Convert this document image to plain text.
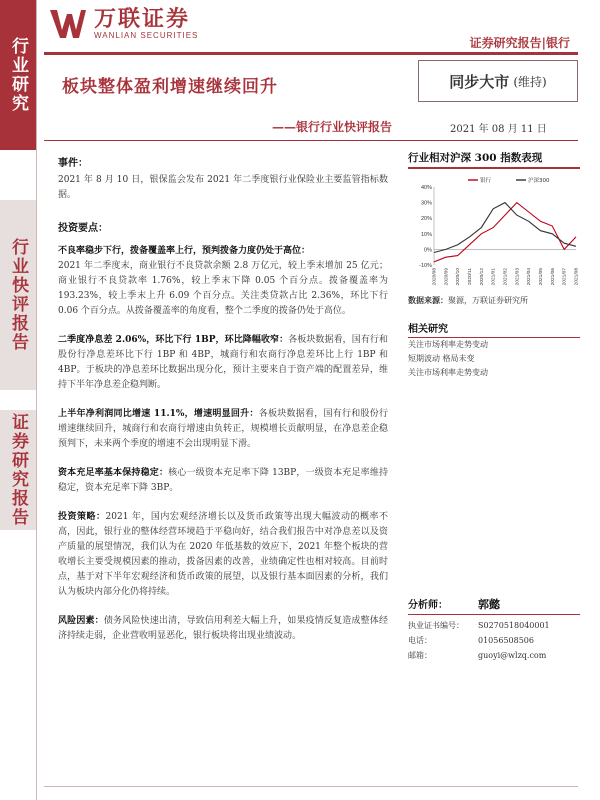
行业研究
行业快评报告
证券研究报告
万联证券
WANLIAN SECURITIES
证券研究报告|银行
板块整体盈利增速继续回升
——银行行业快评报告
同步大市 (维持)
2021 年 08 月 11 日
事件：
2021 年 8 月 10 日，银保监会发布 2021 年二季度银行业保险业主要监管指标数据。
投资要点：
不良率稳步下行，拨备覆盖率上行，预判拨备力度仍处于高位：
2021 年二季度末，商业银行不良贷款余额 2.8 万亿元，较上季末增加 25 亿元；商业银行不良贷款率 1.76%，较上季末下降 0.05 个百分点。拨备覆盖率为 193.23%，较上季末上升 6.09 个百分点。关注类贷款占比 2.36%，环比下行 0.06 个百分点。从拨备覆盖率的角度看，整个二季度的拨备仍处于高位。
二季度净息差 2.06%，环比下行 1BP，环比降幅收窄：各板块数据看，国有行和股份行净息差环比下行 1BP 和 4BP，城商行和农商行净息差环比上行 1BP 和 4BP。于板块的净息差环比数据出现分化，预计主要来自于资产端的配置差异，维持下半年净息差企稳判断。
上半年净利润同比增速 11.1%，增速明显回升：各板块数据看，国有行和股份行增速继续回升，城商行和农商行增速由负转正，规模增长贡献明显，在净息差企稳预判下，未来两个季度的增速不会出现明显下滑。
资本充足率基本保持稳定：核心一级资本充足率下降 13BP，一级资本充足率维持稳定，资本充足率下降 3BP。
投资策略：2021 年，国内宏观经济增长以及货币政策等出现大幅波动的概率不高，因此，银行业的整体经营环境趋于平稳向好，结合我们报告中对净息差以及资产质量的展望情况，我们认为在 2020 年低基数的效应下，2021 年整个板块的营收增长主要受规模因素的推动，拨备因素的改善，业绩确定性也相对较高。目前时点，基于对下半年宏观经济和货币政策的展望，以及银行基本面因素的分析，我们认为板块内部分化仍将持续。
风险因素：债务风险快速出清，导致信用利差大幅上升，如果疫情反复造成整体经济持续走弱，企业营收明显恶化，银行板块将出现业绩波动。
行业相对沪深 300 指数表现
40%
30%
20%
10%
0%
-10%
2020/08 2020/09 2020/10 2020/11 2020/12 2021/01 2021/02 2021/03 2021/04 2021/05 2021/06 2021/07 2021/08
银行	沪深300
数据来源：聚源，万联证券研究所
相关研究
关注市场利率走势变动
短期波动 格局未变
关注市场利率走势变动
分析师：	郭懿
执业证书编号：	S0270518040001
电话：	01056508506
邮箱：	guoyi@wlzq.com
